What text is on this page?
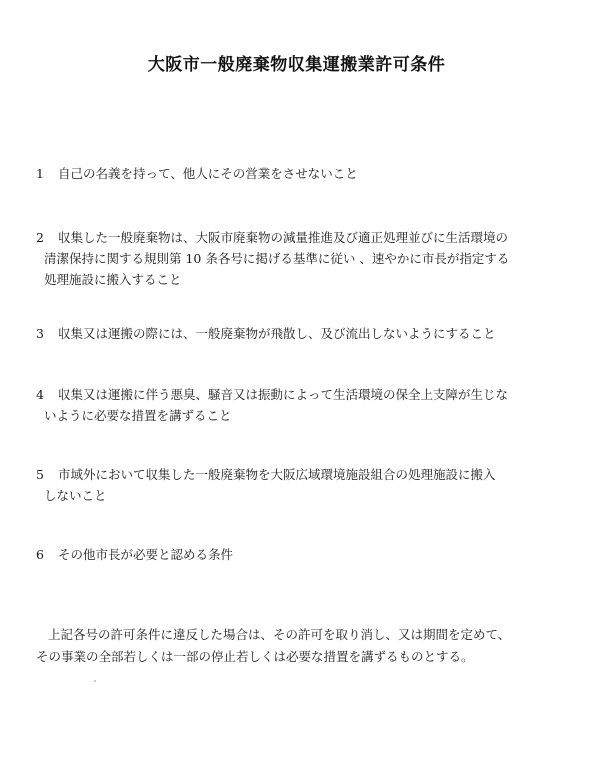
大阪市一般廃棄物収集運搬業許可条件
1 自己の名義を持って、他人にその営業をさせないこと
2 収集した一般廃棄物は、大阪市廃棄物の減量推進及び適正処理並びに生活環境の
清潔保持に関する規則第 10 条各号に掲げる基準に従い 、速やかに市長が指定する
処理施設に搬入すること
3 収集又は運搬の際には、一般廃棄物が飛散し、及び流出しないようにすること
4 収集又は運搬に伴う悪臭、騒音又は振動によって生活環境の保全上支障が生じな
いように必要な措置を講ずること
5 市域外において収集した一般廃棄物を大阪広域環境施設組合の処理施設に搬入
しないこと
6 その他市長が必要と認める条件
上記各号の許可条件に違反した場合は、その許可を取り消し、又は期間を定めて、
その事業の全部若しくは一部の停止若しくは必要な措置を講ずるものとする。
